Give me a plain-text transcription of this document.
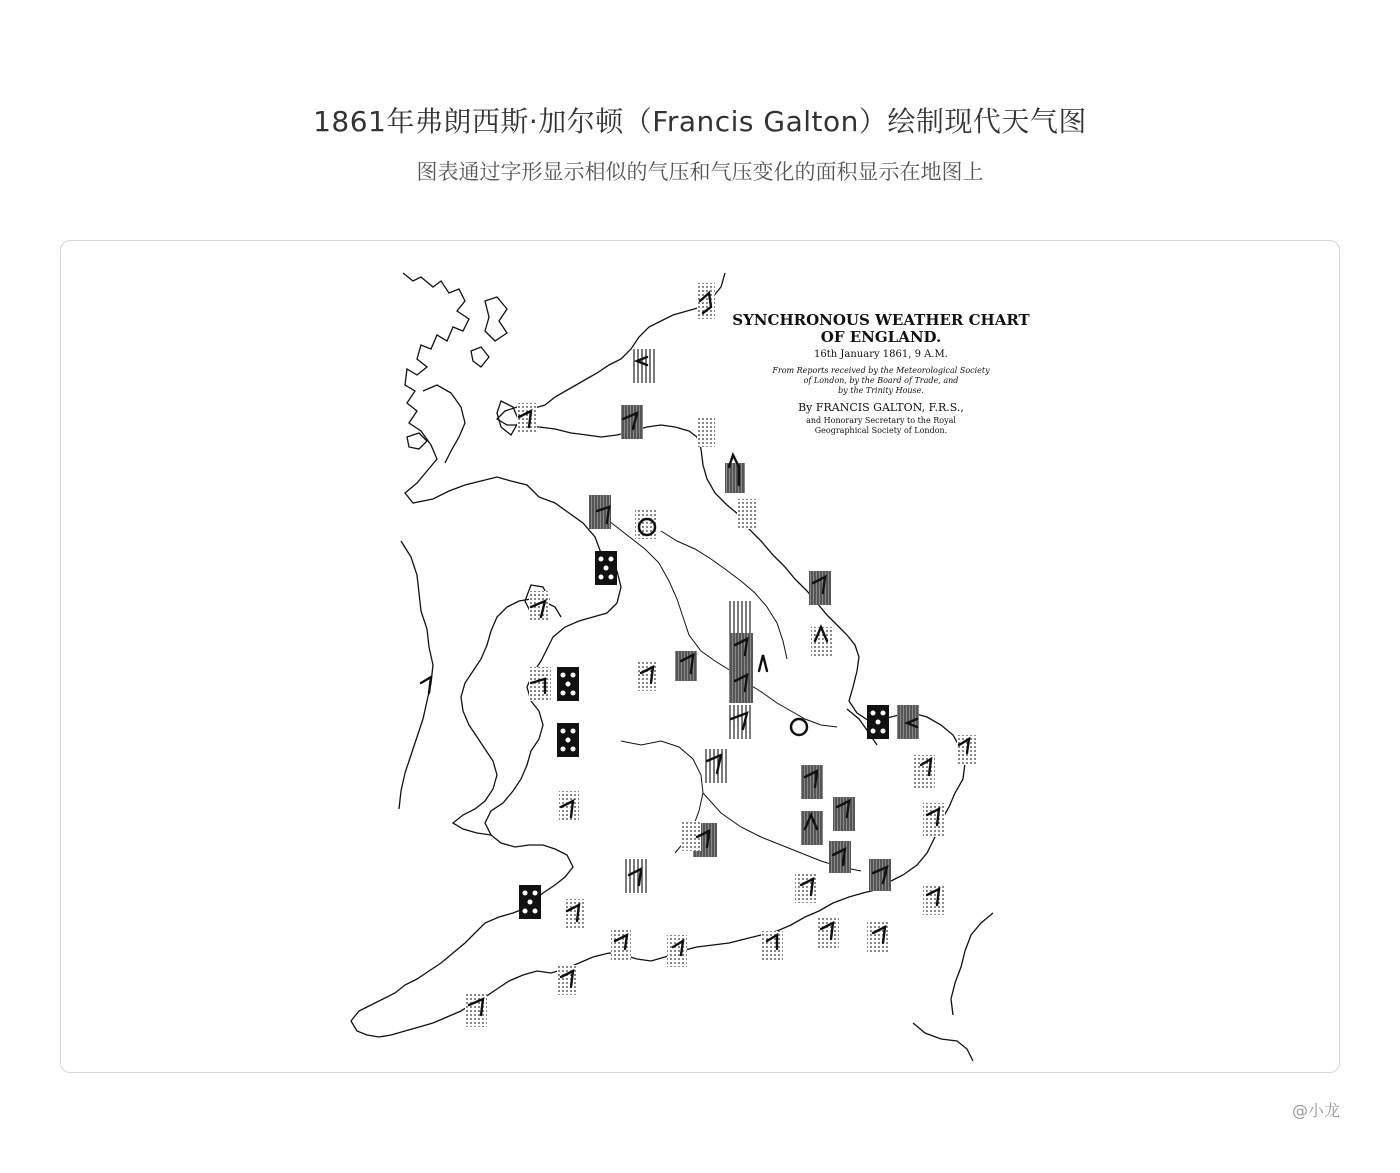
1861年弗朗西斯·加尔顿（Francis Galton）绘制现代天气图
图表通过字形显示相似的气压和气压变化的面积显示在地图上
SYNCHRONOUS WEATHER CHART
OF ENGLAND.
16th January 1861, 9 A.M.
From Reports received by the Meteorological Society
of London, by the Board of Trade, and
by the Trinity House.
By FRANCIS GALTON, F.R.S.,
and Honorary Secretary to the Royal
Geographical Society of London.
@小龙
